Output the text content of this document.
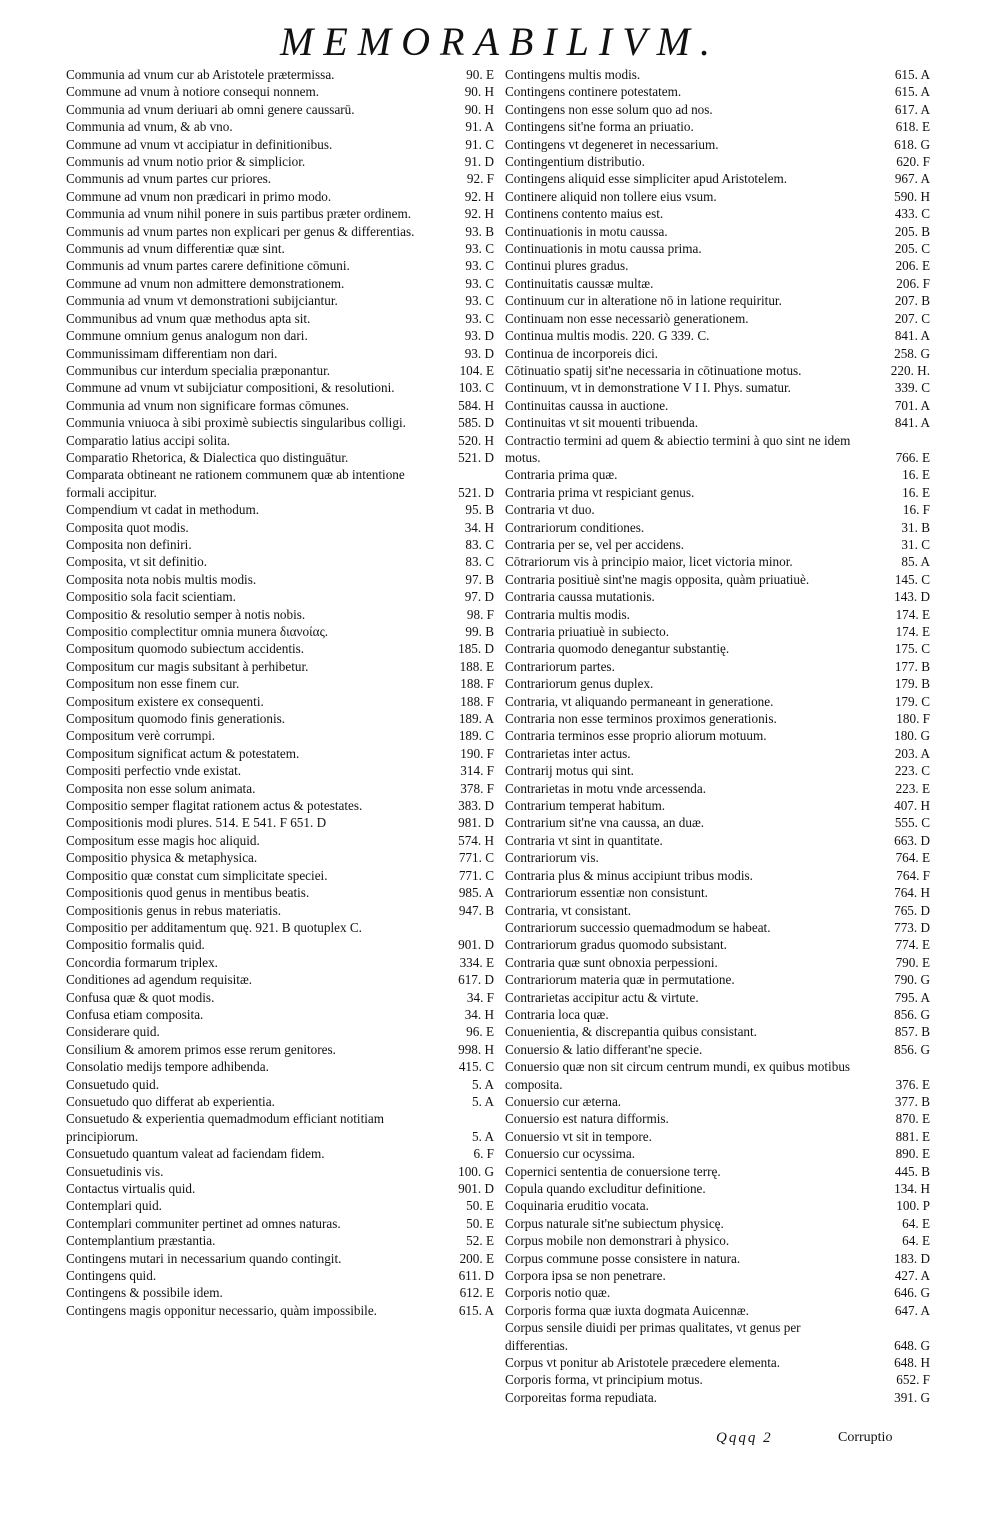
MEMORABILIVM.
Communia ad vnum cur ab Aristotele prætermissa.	90. E
Commune ad vnum à notiore consequi nonnem.	90. H
Communia ad vnum deriuari ab omni genere caussarū.	90. H
Communia ad vnum, & ab vno.	91. A
Commune ad vnum vt accipiatur in definitionibus.	91. C
Communis ad vnum notio prior & simplicior.	91. D
Communis ad vnum partes cur priores.	92. F
Commune ad vnum non prædicari in primo modo.	92. H
Communia ad vnum nihil ponere in suis partibus præter ordinem.	92. H
Communis ad vnum partes non explicari per genus & differentias.	93. B
Communis ad vnum differentiæ quæ sint.	93. C
Communis ad vnum partes carere definitione cōmuni.	93. C
Commune ad vnum non admittere demonstrationem.	93. C
Communia ad vnum vt demonstrationi subijciantur.	93. C
Communibus ad vnum quæ methodus apta sit.	93. C
Commune omnium genus analogum non dari.	93. D
Communissimam differentiam non dari.	93. D
Communibus cur interdum specialia præponantur.	104. E
Commune ad vnum vt subijciatur compositioni, & resolutioni.	103. C
Communia ad vnum non significare formas cōmunes.	584. H
Communia vniuoca à sibi proximè subiectis singularibus colligi.	585. D
Comparatio latius accipi solita.	520. H
Comparatio Rhetorica, & Dialectica quo distinguātur.	521. D
Comparata obtineant ne rationem communem quæ ab intentione formali accipitur.	521. D
Compendium vt cadat in methodum.	95. B
Composita quot modis.	34. H
Composita non definiri.	83. C
Composita, vt sit definitio.	83. C
Composita nota nobis multis modis.	97. B
Compositio sola facit scientiam.	97. D
Compositio & resolutio semper à notis nobis.	98. F
Compositio complectitur omnia munera διανοίας.	99. B
Compositum quomodo subiectum accidentis.	185. D
Compositum cur magis subsitant à perhibetur.	188. E
Compositum non esse finem cur.	188. F
Compositum existere ex consequenti.	188. F
Compositum quomodo finis generationis.	189. A
Compositum verè corrumpi.	189. C
Compositum significat actum & potestatem.	190. F
Compositi perfectio vnde existat.	314. F
Composita non esse solum animata.	378. F
Compositio semper flagitat rationem actus & potestates.	383. D
Compositionis modi plures. 514. E 541. F 651. D	981. D
Compositum esse magis hoc aliquid.	574. H
Compositio physica & metaphysica.	771. C
Compositio quæ constat cum simplicitate speciei.	771. C
Compositionis quod genus in mentibus beatis.	985. A
Compositionis genus in rebus materiatis.	947. B
Compositio per additamentum quę. 921. B quotuplex C.
Compositio formalis quid.	901. D
Concordia formarum triplex.	334. E
Conditiones ad agendum requisitæ.	617. D
Confusa quæ & quot modis.	34. F
Confusa etiam composita.	34. H
Considerare quid.	96. E
Consilium & amorem primos esse rerum genitores.	998. H
Consolatio medijs tempore adhibenda.	415. C
Consuetudo quid.	5. A
Consuetudo quo differat ab experientia.	5. A
Consuetudo & experientia quemadmodum efficiant notitiam principiorum.	5. A
Consuetudo quantum valeat ad faciendam fidem.	6. F
Consuetudinis vis.	100. G
Contactus virtualis quid.	901. D
Contemplari quid.	50. E
Contemplari communiter pertinet ad omnes naturas.	50. E
Contemplantium præstantia.	52. E
Contingens mutari in necessarium quando contingit.	200. E
Contingens quid.	611. D
Contingens & possibile idem.	612. E
Contingens magis opponitur necessario, quàm impossibile.	615. A
Contingens multis modis.	615. A
Contingens continere potestatem.	615. A
Contingens non esse solum quo ad nos.	617. A
Contingens sit'ne forma an priuatio.	618. E
Contingens vt degeneret in necessarium.	618. G
Contingentium distributio.	620. F
Contingens aliquid esse simpliciter apud Aristotelem.	967. A
Continere aliquid non tollere eius vsum.	590. H
Continens contento maius est.	433. C
Continuationis in motu caussa.	205. B
Continuationis in motu caussa prima.	205. C
Continui plures gradus.	206. E
Continuitatis caussæ multæ.	206. F
Continuum cur in alteratione nō in latione requiritur.	207. B
Continuam non esse necessariò generationem.	207. C
Continua multis modis. 220. G 339. C.	841. A
Continua de incorporeis dici.	258. G
Cōtinuatio spatij sit'ne necessaria in cōtinuatione motus.	220. H.
Continuum, vt in demonstratione V I I. Phys. sumatur.	339. C
Continuitas caussa in auctione.	701. A
Continuitas vt sit mouenti tribuenda.	841. A
Contractio termini ad quem & abiectio termini à quo sint ne idem motus.	766. E
Contraria prima quæ.	16. E
Contraria prima vt respiciant genus.	16. E
Contraria vt duo.	16. F
Contrariorum conditiones.	31. B
Contraria per se, vel per accidens.	31. C
Cōtrariorum vis à principio maior, licet victoria minor.	85. A
Contraria positiuè sint'ne magis opposita, quàm priuatiuè.	145. C
Contraria caussa mutationis.	143. D
Contraria multis modis.	174. E
Contraria priuatiuè in subiecto.	174. E
Contraria quomodo denegantur substantię.	175. C
Contrariorum partes.	177. B
Contrariorum genus duplex.	179. B
Contraria, vt aliquando permaneant in generatione.	179. C
Contraria non esse terminos proximos generationis.	180. F
Contraria terminos esse proprio aliorum motuum.	180. G
Contrarietas inter actus.	203. A
Contrarij motus qui sint.	223. C
Contrarietas in motu vnde arcessenda.	223. E
Contrarium temperat habitum.	407. H
Contrarium sit'ne vna caussa, an duæ.	555. C
Contraria vt sint in quantitate.	663. D
Contrariorum vis.	764. E
Contraria plus & minus accipiunt tribus modis.	764. F
Contrariorum essentiæ non consistunt.	764. H
Contraria, vt consistant.	765. D
Contrariorum successio quemadmodum se habeat.	773. D
Contrariorum gradus quomodo subsistant.	774. E
Contraria quæ sunt obnoxia perpessioni.	790. E
Contrariorum materia quæ in permutatione.	790. G
Contrarietas accipitur actu & virtute.	795. A
Contraria loca quæ.	856. G
Conuenientia, & discrepantia quibus consistant.	857. B
Conuersio & latio differant'ne specie.	856. G
Conuersio quæ non sit circum centrum mundi, ex quibus motibus composita.	376. E
Conuersio cur æterna.	377. B
Conuersio est natura difformis.	870. E
Conuersio vt sit in tempore.	881. E
Conuersio cur ocyssima.	890. E
Copernici sententia de conuersione terrę.	445. B
Copula quando excluditur definitione.	134. H
Coquinaria eruditio vocata.	100. P
Corpus naturale sit'ne subiectum physicę.	64. E
Corpus mobile non demonstrari à physico.	64. E
Corpus commune posse consistere in natura.	183. D
Corpora ipsa se non penetrare.	427. A
Corporis notio quæ.	646. G
Corporis forma quæ iuxta dogmata Auicennæ.	647. A
Corpus sensile diuidi per primas qualitates, vt genus per differentias.	648. G
Corpus vt ponitur ab Aristotele præcedere elementa.	648. H
Corporis forma, vt principium motus.	652. F
Corporeitas forma repudiata.	391. G
Qqqq 2	Corruptio
